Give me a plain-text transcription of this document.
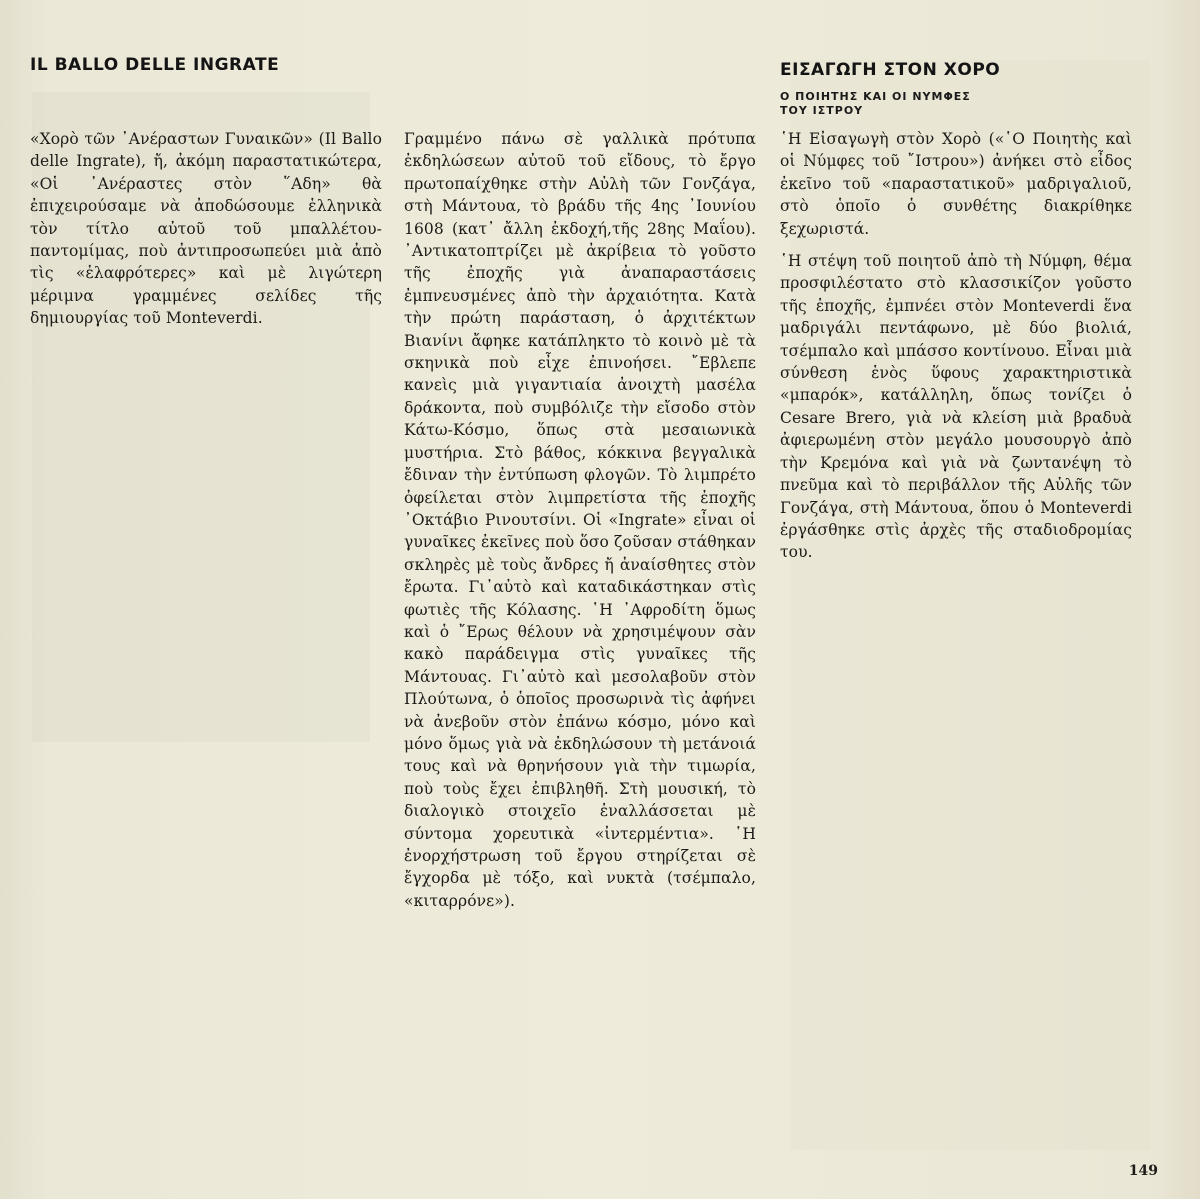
IL BALLO DELLE INGRATE

«Χορὸ τῶν ᾿Ανέραστων Γυναικῶν» (Il Ballo delle Ingrate), ἤ, ἀκόμη παραστατικώτερα, «Οἱ ᾿Ανέραστες στὸν ῞Αδη» θὰ ἐπιχειρούσαμε νὰ ἀποδώσουμε ἑλληνικὰ τὸν τίτλο αὐτοῦ τοῦ μπαλλέτου-παντομίμας, ποὺ ἀντιπροσωπεύει μιὰ ἀπὸ τὶς «ἐλαφρότερες» καὶ μὲ λιγώτερη μέριμνα γραμμένες σελίδες τῆς δημιουργίας τοῦ Monteverdi.

Γραμμένο πάνω σὲ γαλλικὰ πρότυπα ἐκδηλώσεων αὐτοῦ τοῦ εἴδους, τὸ ἔργο πρωτοπαίχθηκε στὴν Αὐλὴ τῶν Γονζάγα, στὴ Μάντουα, τὸ βράδυ τῆς 4ης ᾿Ιουνίου 1608 (κατ᾿ ἄλλη ἐκδοχή,τῆς 28ης Μαΐου). ᾿Αντικατοπτρίζει μὲ ἀκρίβεια τὸ γοῦστο τῆς ἐποχῆς γιὰ ἀναπαραστάσεις ἐμπνευσμένες ἀπὸ τὴν ἀρχαιότητα. Κατὰ τὴν πρώτη παράσταση, ὁ ἀρχιτέκτων Βιανίνι ἄφηκε κατάπληκτο τὸ κοινὸ μὲ τὰ σκηνικὰ ποὺ εἶχε ἐπινοήσει. ῎Εβλεπε κανεὶς μιὰ γιγαντιαία ἀνοιχτὴ μασέλα δράκοντα, ποὺ συμβόλιζε τὴν εἴσοδο στὸν Κάτω-Κόσμο, ὅπως στὰ μεσαιωνικὰ μυστήρια. Στὸ βάθος, κόκκινα βεγγαλικὰ ἔδιναν τὴν ἐντύπωση φλογῶν. Τὸ λιμπρέτο ὀφείλεται στὸν λιμπρετίστα τῆς ἐποχῆς ᾿Οκτάβιο Ρινουτσίνι. Οἱ «Ingrate» εἶναι οἱ γυναῖκες ἐκεῖνες ποὺ ὅσο ζοῦσαν στάθηκαν σκληρὲς μὲ τοὺς ἄνδρες ἤ ἀναίσθητες στὸν ἔρωτα. Γι᾿αὐτὸ καὶ καταδικάστηκαν στὶς φωτιὲς τῆς Κόλασης. ῾Η ᾿Αφροδίτη ὅμως καὶ ὁ ῎Ερως θέλουν νὰ χρησιμέψουν σὰν κακὸ παράδειγμα στὶς γυναῖκες τῆς Μάντουας. Γι᾿αὐτὸ καὶ μεσολαβοῦν στὸν Πλούτωνα, ὁ ὁποῖος προσωρινὰ τὶς ἀφήνει νὰ ἀνεβοῦν στὸν ἐπάνω κόσμο, μόνο καὶ μόνο ὅμως γιὰ νὰ ἐκδηλώσουν τὴ μετάνοιά τους καὶ νὰ θρηνήσουν γιὰ τὴν τιμωρία, ποὺ τοὺς ἔχει ἐπιβληθῆ. Στὴ μουσική, τὸ διαλογικὸ στοιχεῖο ἐναλλάσσεται μὲ σύντομα χορευτικὰ «ἰντερμέντια». ῾Η ἐνορχήστρωση τοῦ ἔργου στηρίζεται σὲ ἔγχορδα μὲ τόξο, καὶ νυκτὰ (τσέμπαλο, «κιταρρόνε»).

ΕΙΣΑΓΩΓΗ ΣΤΟΝ ΧΟΡΟ
Ο ΠΟΙΗΤΗΣ ΚΑΙ ΟΙ ΝΥΜΦΕΣ
ΤΟΥ ΙΣΤΡΟΥ

῾Η Εἰσαγωγὴ στὸν Χορὸ («῾Ο Ποιητὴς καὶ οἱ Νύμφες τοῦ ῎Ιστρου») ἀνήκει στὸ εἶδος ἐκεῖνο τοῦ «παραστατικοῦ» μαδριγαλιοῦ, στὸ ὁποῖο ὁ συνθέτης διακρίθηκε ξεχωριστά.

῾Η στέψη τοῦ ποιητοῦ ἀπὸ τὴ Νύμφη, θέμα προσφιλέστατο στὸ κλασσικίζον γοῦστο τῆς ἐποχῆς, ἐμπνέει στὸν Monteverdi ἕνα μαδριγάλι πεντάφωνο, μὲ δύο βιολιά, τσέμπαλο καὶ μπάσσο κοντίνουο. Εἶναι μιὰ σύνθεση ἑνὸς ὕφους χαρακτηριστικὰ «μπαρόκ», κατάλληλη, ὅπως τονίζει ὁ Cesare Brero, γιὰ νὰ κλείση μιὰ βραδυὰ ἀφιερωμένη στὸν μεγάλο μουσουργὸ ἀπὸ τὴν Κρεμόνα καὶ γιὰ νὰ ζωντανέψη τὸ πνεῦμα καὶ τὸ περιβάλλον τῆς Αὐλῆς τῶν Γονζάγα, στὴ Μάντουα, ὅπου ὁ Monteverdi ἐργάσθηκε στὶς ἀρχὲς τῆς σταδιοδρομίας του.

149
